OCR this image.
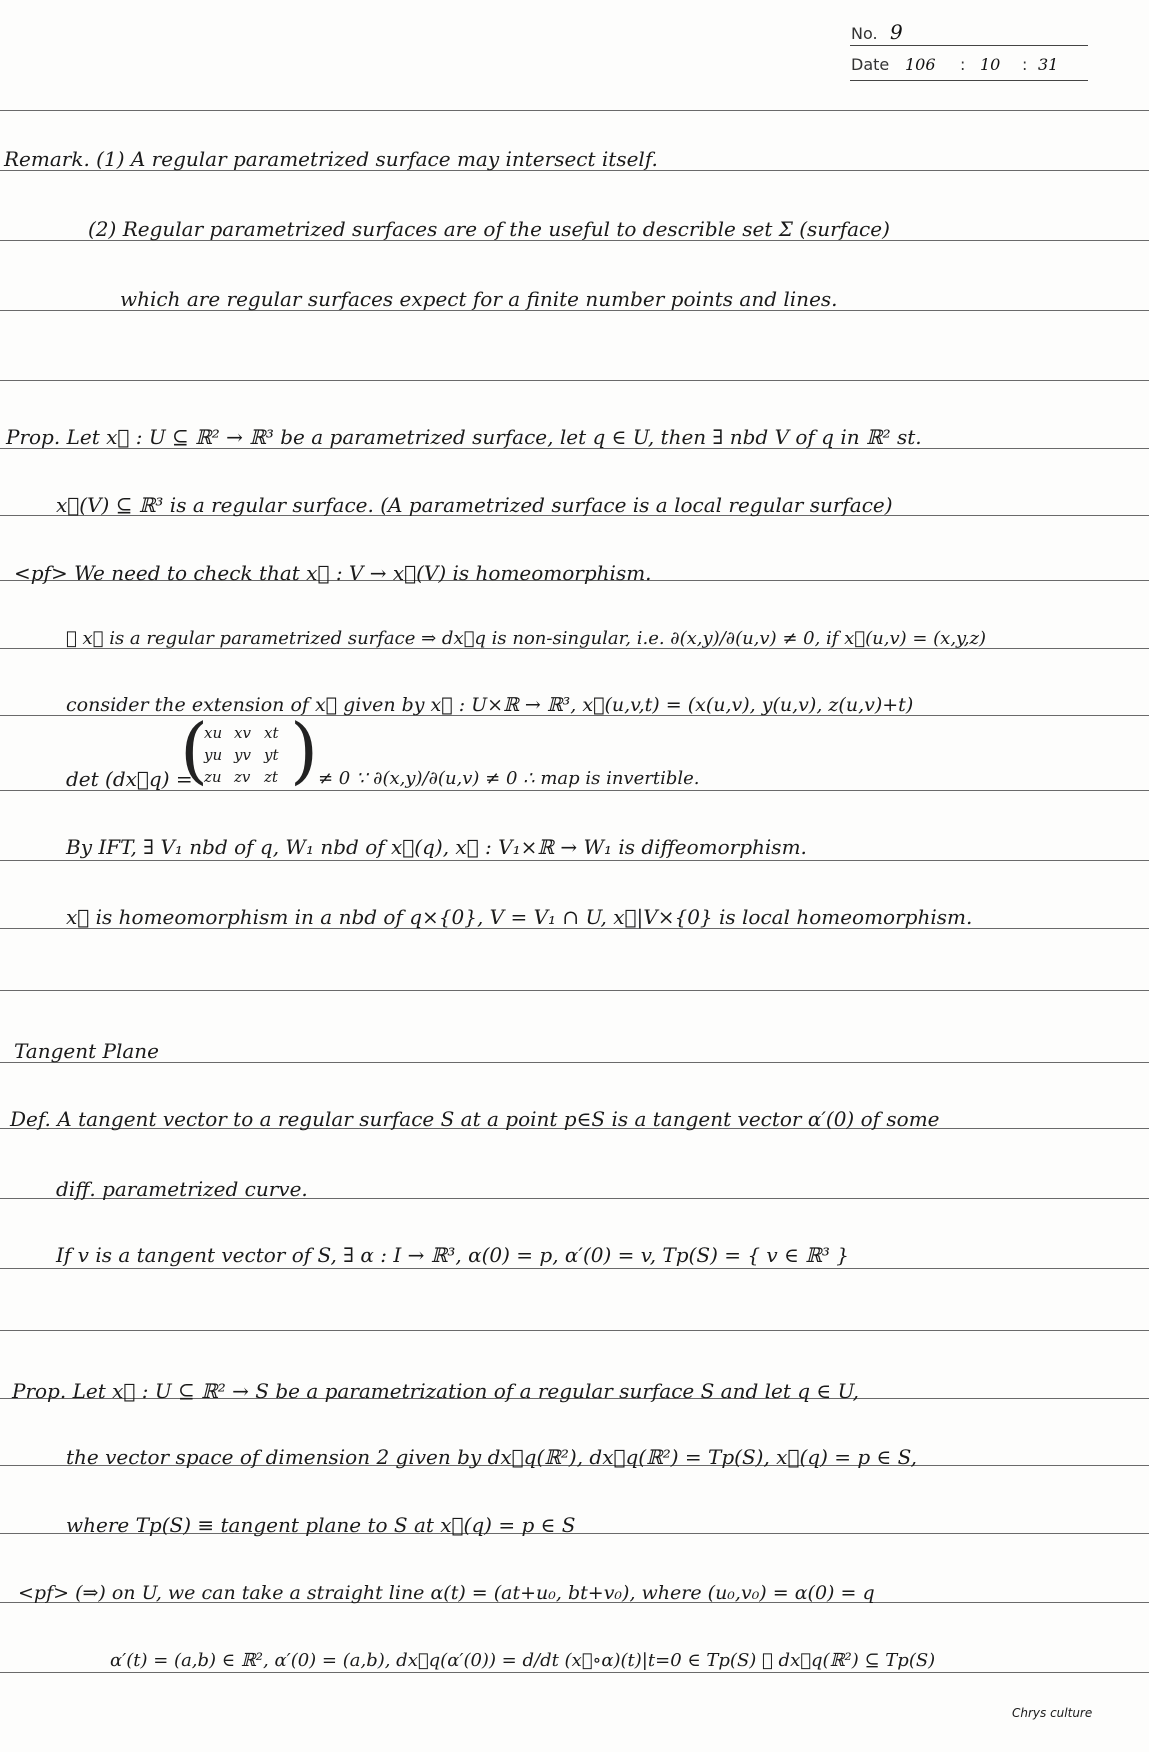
No. 9
Date 106 : 10 : 31
Remark. (1) A regular parametrized surface may intersect itself.
(2) Regular parametrized surfaces are of the useful to describle set Σ (surface)
which are regular surfaces expect for a finite number points and lines.
Prop. Let x⃗ : U ⊆ ℝ² → ℝ³ be a parametrized surface, let q ∈ U, then ∃ nbd V of q in ℝ² st.
x⃗(V) ⊆ ℝ³ is a regular surface. (A parametrized surface is a local regular surface)
<pf> We need to check that x⃗ : V → x⃗(V) is homeomorphism.
∵ x⃗ is a regular parametrized surface ⇒ dx⃗q is non-singular, i.e. ∂(x,y)/∂(u,v) ≠ 0, if x⃗(u,v) = (x,y,z)
consider the extension of x⃗ given by x⃗ : U×ℝ → ℝ³, x⃗(u,v,t) = (x(u,v), y(u,v), z(u,v)+t)
det (dx⃗q) =
(
xu xv xt
yu yv yt
zu zv zt ) ≠ 0 ∵ ∂(x,y)/∂(u,v) ≠ 0 ∴ map is invertible.
By IFT, ∃ V₁ nbd of q, W₁ nbd of x⃗(q), x⃗ : V₁×ℝ → W₁ is diffeomorphism.
x⃗ is homeomorphism in a nbd of q×{0}, V = V₁ ∩ U, x⃗|V×{0} is local homeomorphism.
Tangent Plane
Def. A tangent vector to a regular surface S at a point p∈S is a tangent vector α′(0) of some
diff. parametrized curve.
If v is a tangent vector of S, ∃ α : I → ℝ³, α(0) = p, α′(0) = v, Tp(S) = { v ∈ ℝ³ }
Prop. Let x⃗ : U ⊆ ℝ² → S be a parametrization of a regular surface S and let q ∈ U,
the vector space of dimension 2 given by dx⃗q(ℝ²), dx⃗q(ℝ²) = Tp(S), x⃗(q) = p ∈ S,
where Tp(S) ≡ tangent plane to S at x⃗(q) = p ∈ S
<pf> (⇒) on U, we can take a straight line α(t) = (at+u₀, bt+v₀), where (u₀,v₀) = α(0) = q
α′(t) = (a,b) ∈ ℝ², α′(0) = (a,b), dx⃗q(α′(0)) = d/dt (x⃗∘α)(t)|t=0 ∈ Tp(S) ∴ dx⃗q(ℝ²) ⊆ Tp(S)
Chrys culture
